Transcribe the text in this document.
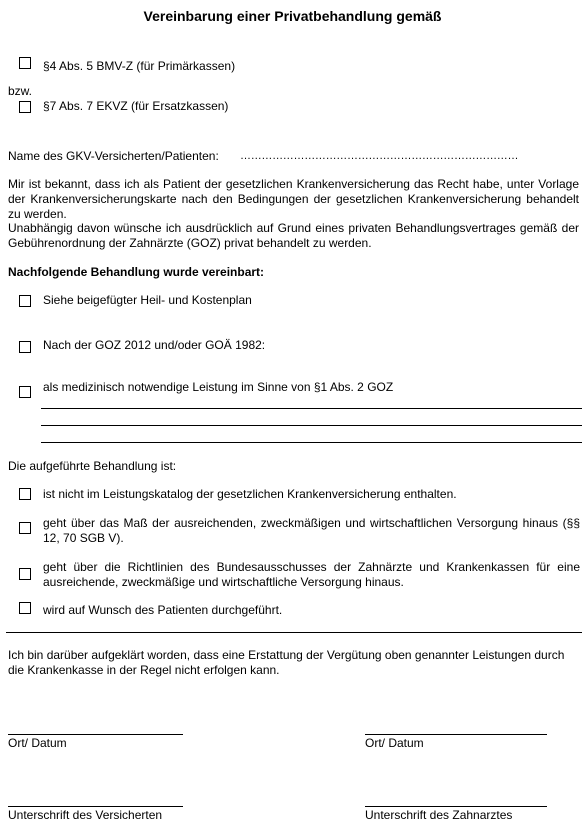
Vereinbarung einer Privatbehandlung gemäß
§4 Abs. 5 BMV-Z (für Primärkassen)
bzw.
§7 Abs. 7 EKVZ (für Ersatzkassen)
Name des GKV-Versicherten/Patienten: ……………………………………………………………………
Mir ist bekannt, dass ich als Patient der gesetzlichen Krankenversicherung das Recht habe, unter Vorlage der Krankenversicherungskarte nach den Bedingungen der gesetzlichen Krankenversicherung behandelt zu werden.
Unabhängig davon wünsche ich ausdrücklich auf Grund eines privaten Behandlungsvertrages gemäß der Gebührenordnung der Zahnärzte (GOZ) privat behandelt zu werden.
Nachfolgende Behandlung wurde vereinbart:
Siehe beigefügter Heil- und Kostenplan
Nach der GOZ 2012 und/oder GOÄ 1982:
als medizinisch notwendige Leistung im Sinne von §1 Abs. 2 GOZ
Die aufgeführte Behandlung ist:
ist nicht im Leistungskatalog der gesetzlichen Krankenversicherung enthalten.
geht über das Maß der ausreichenden, zweckmäßigen und wirtschaftlichen Versorgung hinaus (§§ 12, 70 SGB V).
geht über die Richtlinien des Bundesausschusses der Zahnärzte und Krankenkassen für eine ausreichende, zweckmäßige und wirtschaftliche Versorgung hinaus.
wird auf Wunsch des Patienten durchgeführt.
Ich bin darüber aufgeklärt worden, dass eine Erstattung der Vergütung oben genannter Leistungen durch die Krankenkasse in der Regel nicht erfolgen kann.
Ort/ Datum	Ort/ Datum
Unterschrift des Versicherten	Unterschrift des Zahnarztes
